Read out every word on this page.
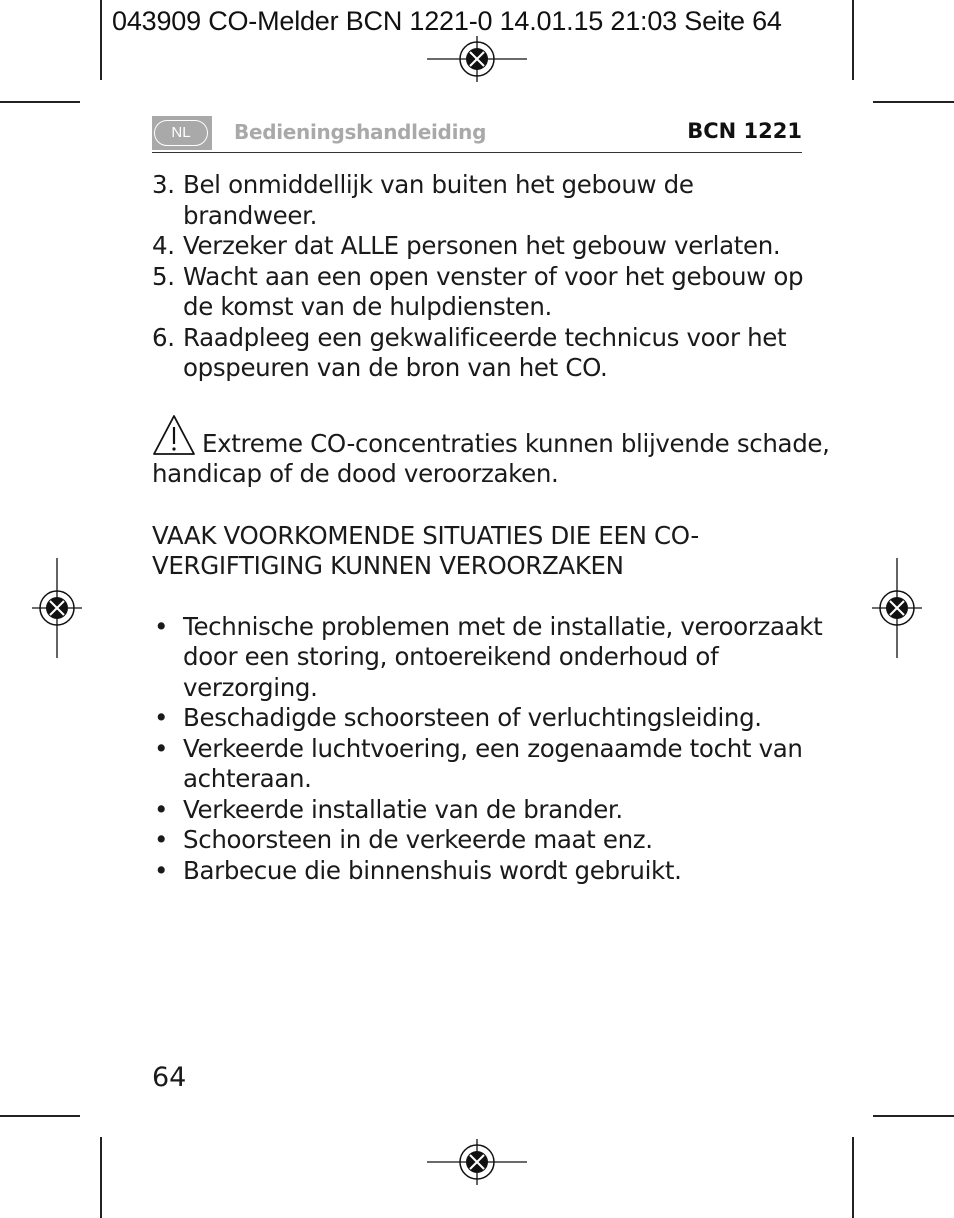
043909 CO-Melder BCN 1221-0 14.01.15 21:03 Seite 64
NL	Bedieningshandleiding	BCN 1221
3. Bel onmiddellijk van buiten het gebouw de brandweer.
4. Verzeker dat ALLE personen het gebouw verlaten.
5. Wacht aan een open venster of voor het gebouw op de komst van de hulpdiensten.
6. Raadpleeg een gekwalificeerde technicus voor het opspeuren van de bron van het CO.
Extreme CO-concentraties kunnen blijvende schade, handicap of de dood veroorzaken.
VAAK VOORKOMENDE SITUATIES DIE EEN CO-VERGIFTIGING KUNNEN VEROORZAKEN
• Technische problemen met de installatie, veroorzaakt door een storing, ontoereikend onderhoud of verzorging.
• Beschadigde schoorsteen of verluchtingsleiding.
• Verkeerde luchtvoering, een zogenaamde tocht van achteraan.
• Verkeerde installatie van de brander.
• Schoorsteen in de verkeerde maat enz.
• Barbecue die binnenshuis wordt gebruikt.
64
